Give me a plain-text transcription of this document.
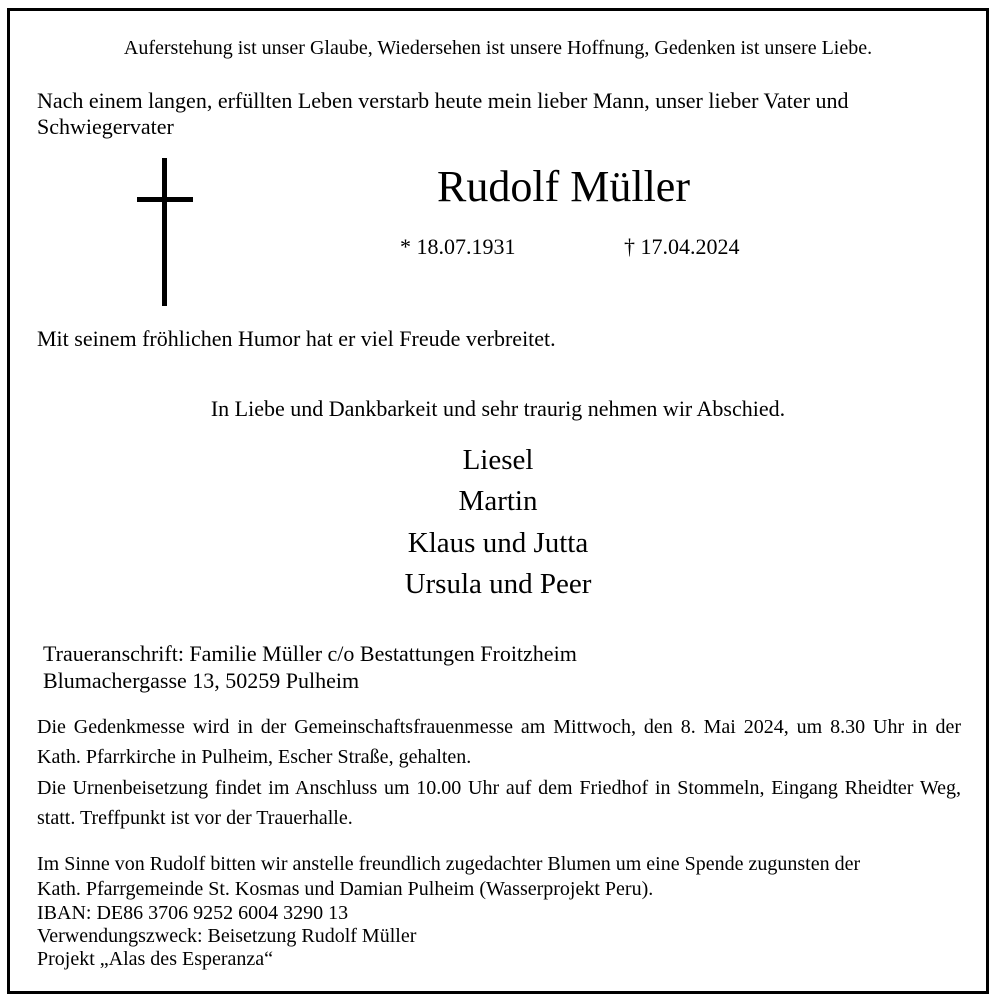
Auferstehung ist unser Glaube, Wiedersehen ist unsere Hoffnung, Gedenken ist unsere Liebe.
Nach einem langen, erfüllten Leben verstarb heute mein lieber Mann, unser lieber Vater und
Schwiegervater
Rudolf Müller
* 18.07.1931	† 17.04.2024
Mit seinem fröhlichen Humor hat er viel Freude verbreitet.
In Liebe und Dankbarkeit und sehr traurig nehmen wir Abschied.
Liesel
Martin
Klaus und Jutta
Ursula und Peer
Traueranschrift: Familie Müller c/o Bestattungen Froitzheim
Blumachergasse 13, 50259 Pulheim
Die Gedenkmesse wird in der Gemeinschaftsfrauenmesse am Mittwoch, den 8. Mai 2024, um 8.30 Uhr in der Kath. Pfarrkirche in Pulheim, Escher Straße, gehalten.
Die Urnenbeisetzung findet im Anschluss um 10.00 Uhr auf dem Friedhof in Stommeln, Eingang Rheidter Weg, statt. Treffpunkt ist vor der Trauerhalle.
Im Sinne von Rudolf bitten wir anstelle freundlich zugedachter Blumen um eine Spende zugunsten der
Kath. Pfarrgemeinde St. Kosmas und Damian Pulheim (Wasserprojekt Peru).
IBAN: DE86 3706 9252 6004 3290 13
Verwendungszweck: Beisetzung Rudolf Müller
Projekt „Alas des Esperanza“
